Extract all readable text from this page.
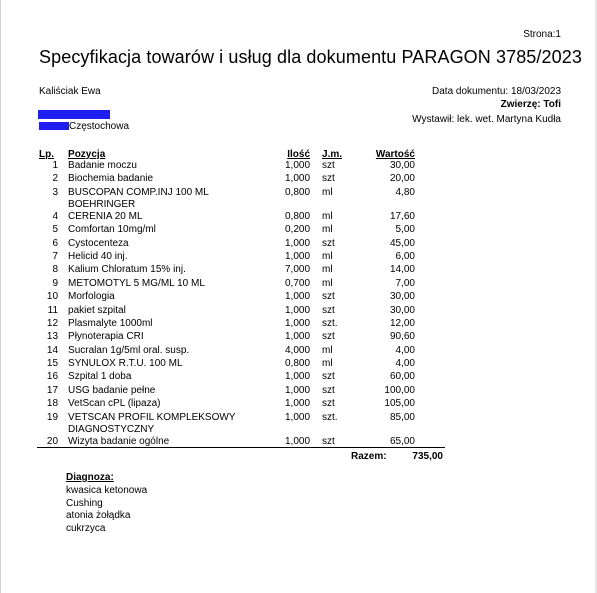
Strona:1
Specyfikacja towarów i usług dla dokumentu PARAGON 3785/2023
Kaliściak Ewa
Częstochowa
Data dokumentu: 18/03/2023
Zwierzę: Tofi
Wystawił: lek. wet. Martyna Kudła
Lp.	Pozycja	Ilość	J.m.	Wartość
1	Badanie moczu	1,000	szt	30,00
2	Biochemia badanie	1,000	szt	20,00
3	BUSCOPAN COMP.INJ 100 ML BOEHRINGER	0,800	ml	4,80
4	CERENIA 20 ML	0,800	ml	17,60
5	Comfortan 10mg/ml	0,200	ml	5,00
6	Cystocenteza	1,000	szt	45,00
7	Helicid 40 inj.	1,000	ml	6,00
8	Kalium Chloratum 15% inj.	7,000	ml	14,00
9	METOMOTYL 5 MG/ML 10 ML	0,700	ml	7,00
10	Morfologia	1,000	szt	30,00
11	pakiet szpital	1,000	szt	30,00
12	Plasmalyte 1000ml	1,000	szt.	12,00
13	Płynoterapia CRI	1,000	szt	90,60
14	Sucralan 1g/5ml oral. susp.	4,000	ml	4,00
15	SYNULOX R.T.U. 100 ML	0,800	ml	4,00
16	Szpital 1 doba	1,000	szt	60,00
17	USG badanie pełne	1,000	szt	100,00
18	VetScan cPL (lipaza)	1,000	szt	105,00
19	VETSCAN PROFIL KOMPLEKSOWY
DIAGNOSTYCZNY	1,000	szt.	85,00
20	Wizyta badanie ogólne	1,000	szt	65,00
Razem:	735,00
Diagnoza:
kwasica ketonowa
Cushing
atonia żołądka
cukrzyca
